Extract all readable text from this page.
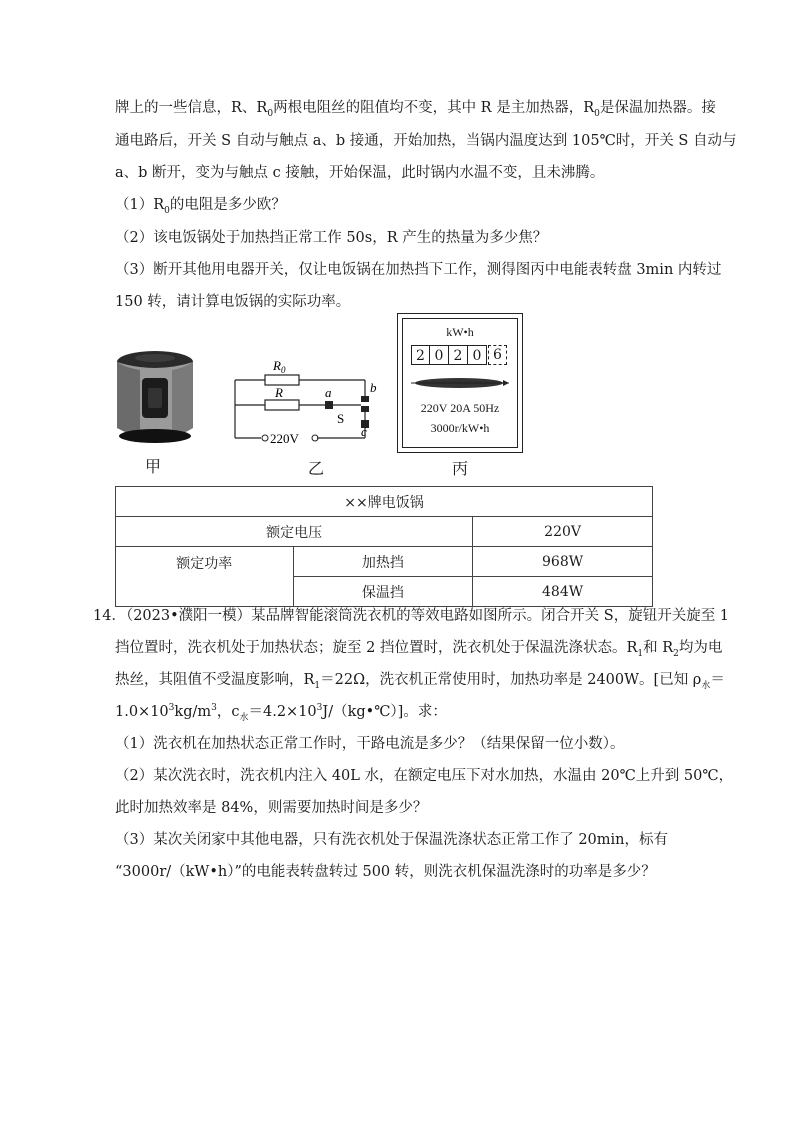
牌上的一些信息，R、$R_0$两根电阻丝的阻值均不变，其中 R 是主加热器，$R_0$是保温加热器。接
通电路后，开关 S 自动与触点 a、b 接通，开始加热，当锅内温度达到 105℃时，开关 S 自动与
a、b 断开，变为与触点 c 接触，开始保温，此时锅内水温不变，且未沸腾。
$(1)R_0$的电阻是多少欧？
（2）该电饭锅处于加热挡正常工作 50s，R 产生的热量为多少焦？
（3）断开其他用电器开关，仅让电饭锅在加热挡下工作，测得图丙中电能表转盘 3min 内转过
150 转，请计算电饭锅的实际功率。
甲
$R_0$
R	a	b
c
S
220V
乙
kW•h
2 0 2 0 6
220V 20A 50Hz
3000r/kW•h
丙
××牌电饭锅		
额定电压		220V
额定功率	加热挡	968W
	保温挡	484W
14．（2023•濮阳一模）某品牌智能滚筒洗衣机的等效电路如图所示。闭合开关 S，旋钮开关旋至 1
挡位置时，洗衣机处于加热状态；旋至 2 挡位置时，洗衣机处于保温洗涤状态。$R_1$和 $R_2$均为电
热丝，其阻值不受温度影响，$R_1=22\Omega$，洗衣机正常使用时，加热功率是 2400W。[已知 $\rho_水=$
$1.0\times 10^3kg/m^3$，$c_水=4.2\times 10^3J/(kg•℃)$]。求：
（1）洗衣机在加热状态正常工作时，干路电流是多少？（结果保留一位小数）。
（2）某次洗衣时，洗衣机内注入 40L 水，在额定电压下对水加热，水温由 20℃上升到 50℃，
此时加热效率是 84%，则需要加热时间是多少？
（3）某次关闭家中其他电器，只有洗衣机处于保温洗涤状态正常工作了 20min，标有
“3000r/（kW•h）”的电能表转盘转过 500 转，则洗衣机保温洗涤时的功率是多少？
